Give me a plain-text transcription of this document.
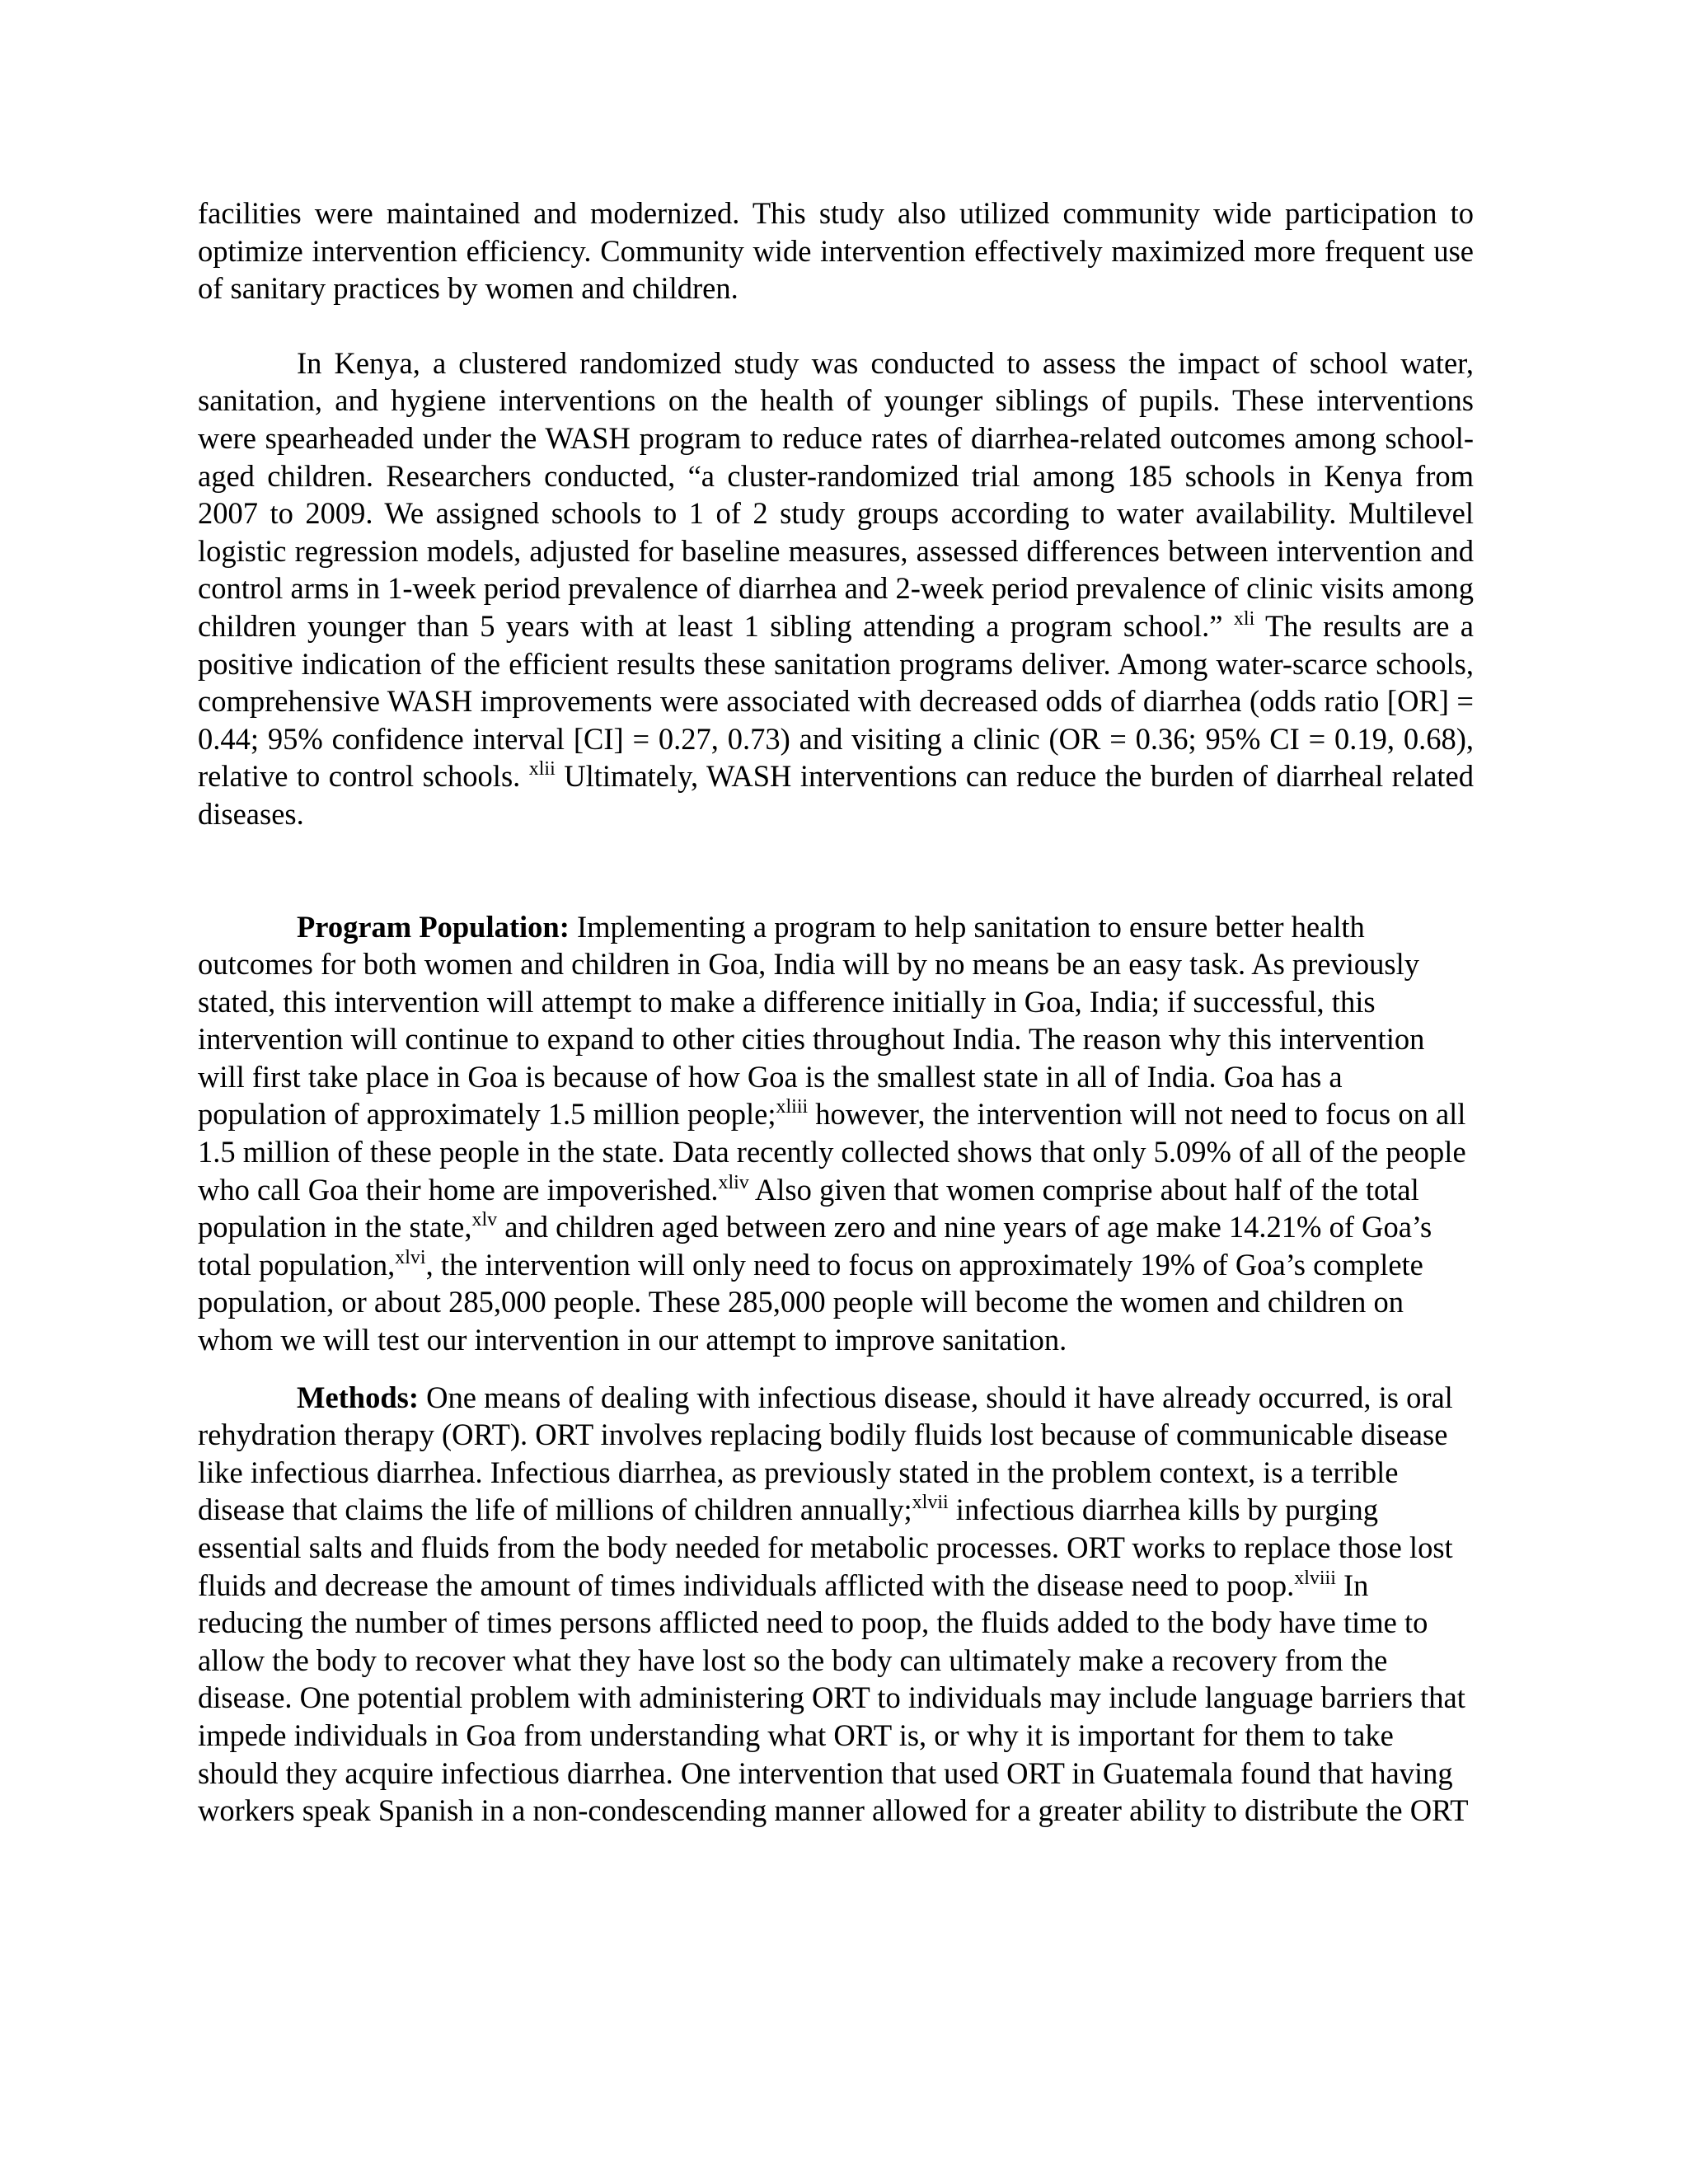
facilities were maintained and modernized. This study also utilized community wide participation to optimize intervention efficiency. Community wide intervention effectively maximized more frequent use of sanitary practices by women and children.

In Kenya, a clustered randomized study was conducted to assess the impact of school water, sanitation, and hygiene interventions on the health of younger siblings of pupils. These interventions were spearheaded under the WASH program to reduce rates of diarrhea-related outcomes among school-aged children. Researchers conducted, “a cluster-randomized trial among 185 schools in Kenya from 2007 to 2009. We assigned schools to 1 of 2 study groups according to water availability. Multilevel logistic regression models, adjusted for baseline measures, assessed differences between intervention and control arms in 1-week period prevalence of diarrhea and 2-week period prevalence of clinic visits among children younger than 5 years with at least 1 sibling attending a program school.” $^{xli}$ The results are a positive indication of the efficient results these sanitation programs deliver. Among water-scarce schools, comprehensive WASH improvements were associated with decreased odds of diarrhea (odds ratio [OR] = 0.44; 95% confidence interval [CI] = 0.27, 0.73) and visiting a clinic (OR = 0.36; 95% CI = 0.19, 0.68), relative to control schools. $^{xlii}$ Ultimately, WASH interventions can reduce the burden of diarrheal related diseases.

Program Population: Implementing a program to help sanitation to ensure better health outcomes for both women and children in Goa, India will by no means be an easy task. As previously stated, this intervention will attempt to make a difference initially in Goa, India; if successful, this intervention will continue to expand to other cities throughout India. The reason why this intervention will first take place in Goa is because of how Goa is the smallest state in all of India. Goa has a population of approximately 1.5 million people;$^{xliii}$ however, the intervention will not need to focus on all 1.5 million of these people in the state. Data recently collected shows that only 5.09% of all of the people who call Goa their home are impoverished.$^{xliv}$ Also given that women comprise about half of the total population in the state,$^{xlv}$ and children aged between zero and nine years of age make 14.21% of Goa’s total population,$^{xlvi}$, the intervention will only need to focus on approximately 19% of Goa’s complete population, or about 285,000 people. These 285,000 people will become the women and children on whom we will test our intervention in our attempt to improve sanitation.

Methods: One means of dealing with infectious disease, should it have already occurred, is oral rehydration therapy (ORT). ORT involves replacing bodily fluids lost because of communicable disease like infectious diarrhea. Infectious diarrhea, as previously stated in the problem context, is a terrible disease that claims the life of millions of children annually;$^{xlvii}$ infectious diarrhea kills by purging essential salts and fluids from the body needed for metabolic processes. ORT works to replace those lost fluids and decrease the amount of times individuals afflicted with the disease need to poop.$^{xlviii}$ In reducing the number of times persons afflicted need to poop, the fluids added to the body have time to allow the body to recover what they have lost so the body can ultimately make a recovery from the disease. One potential problem with administering ORT to individuals may include language barriers that impede individuals in Goa from understanding what ORT is, or why it is important for them to take should they acquire infectious diarrhea. One intervention that used ORT in Guatemala found that having workers speak Spanish in a non-condescending manner allowed for a greater ability to distribute the ORT
